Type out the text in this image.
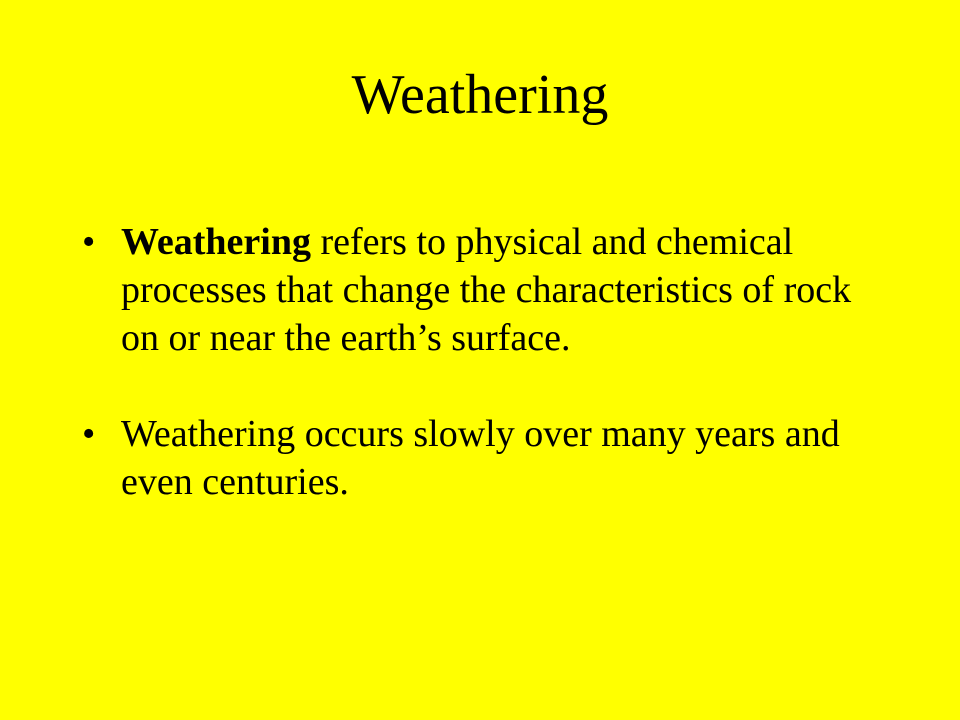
Weathering
• Weathering refers to physical and chemical processes that change the characteristics of rock on or near the earth’s surface.
• Weathering occurs slowly over many years and even centuries.
